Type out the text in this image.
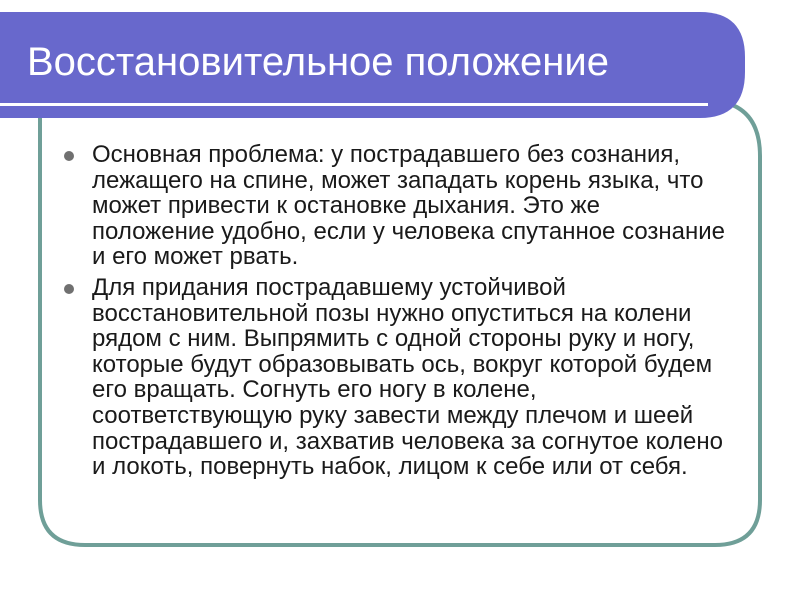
Восстановительное положение
Основная проблема: у пострадавшего без сознания, лежащего на спине, может западать корень языка, что может привести к остановке дыхания. Это же положение удобно, если у человека спутанное сознание и его может рвать.
Для придания пострадавшему устойчивой восстановительной позы нужно опуститься на колени рядом с ним. Выпрямить с одной стороны руку и ногу, которые будут образовывать ось, вокруг которой будем его вращать. Согнуть его ногу в колене, соответствующую руку завести между плечом и шеей пострадавшего и, захватив человека за согнутое колено и локоть, повернуть набок, лицом к себе или от себя.
